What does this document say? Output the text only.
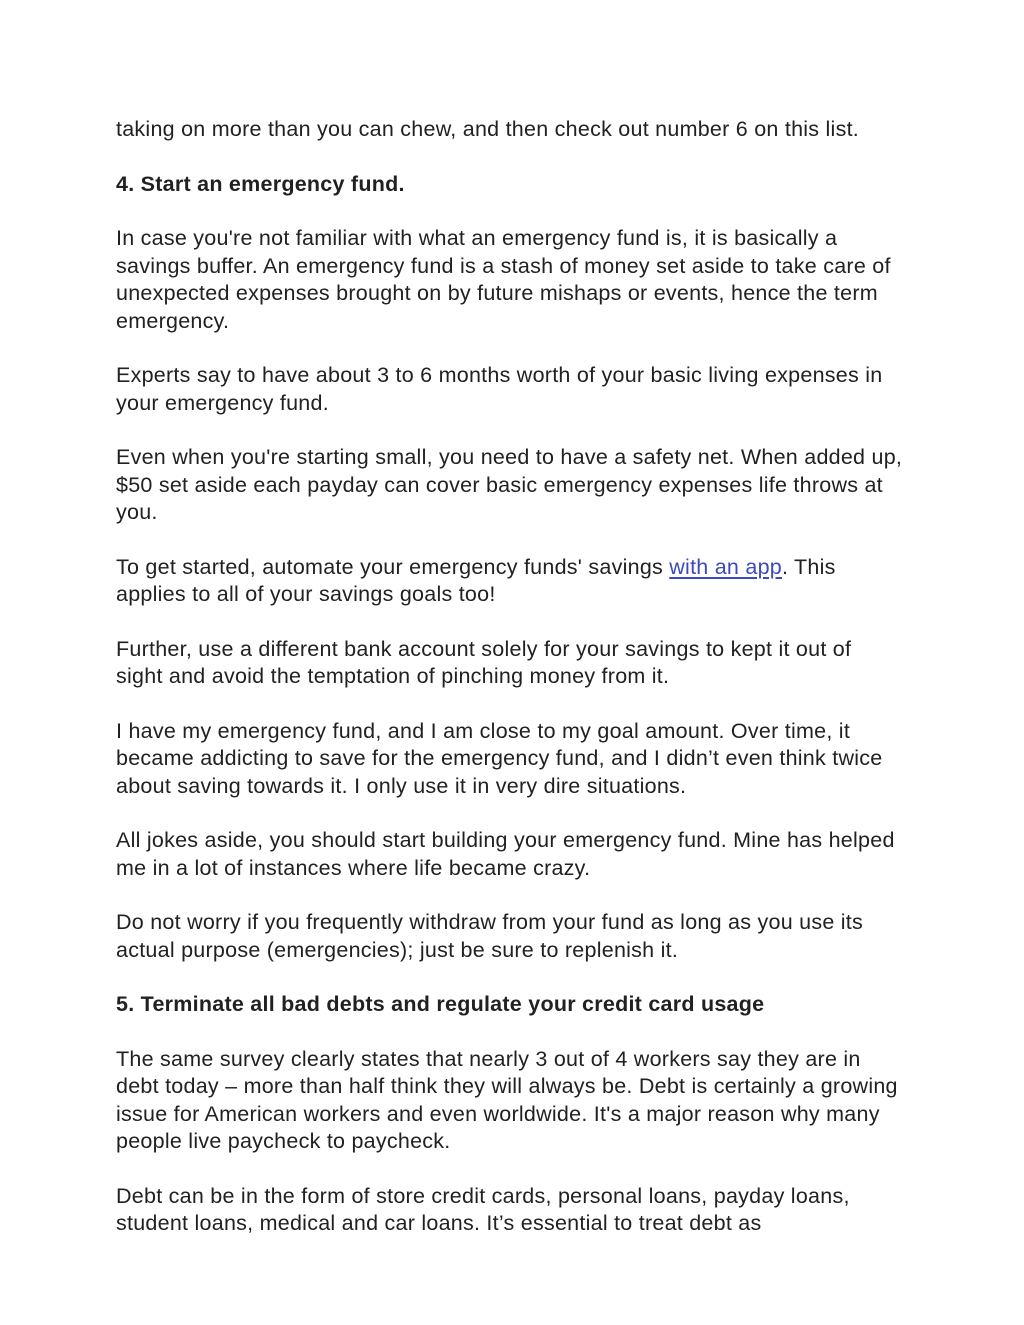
taking on more than you can chew, and then check out number 6 on this list.

4. Start an emergency fund.

In case you're not familiar with what an emergency fund is, it is basically a savings buffer. An emergency fund is a stash of money set aside to take care of unexpected expenses brought on by future mishaps or events, hence the term emergency.

Experts say to have about 3 to 6 months worth of your basic living expenses in your emergency fund.

Even when you're starting small, you need to have a safety net. When added up, $50 set aside each payday can cover basic emergency expenses life throws at you.

To get started, automate your emergency funds' savings with an app. This applies to all of your savings goals too!

Further, use a different bank account solely for your savings to kept it out of sight and avoid the temptation of pinching money from it.

I have my emergency fund, and I am close to my goal amount. Over time, it became addicting to save for the emergency fund, and I didn’t even think twice about saving towards it. I only use it in very dire situations.

All jokes aside, you should start building your emergency fund. Mine has helped me in a lot of instances where life became crazy.

Do not worry if you frequently withdraw from your fund as long as you use its actual purpose (emergencies); just be sure to replenish it.

5. Terminate all bad debts and regulate your credit card usage

The same survey clearly states that nearly 3 out of 4 workers say they are in debt today – more than half think they will always be. Debt is certainly a growing issue for American workers and even worldwide. It's a major reason why many people live paycheck to paycheck.

Debt can be in the form of store credit cards, personal loans, payday loans, student loans, medical and car loans. It’s essential to treat debt as
